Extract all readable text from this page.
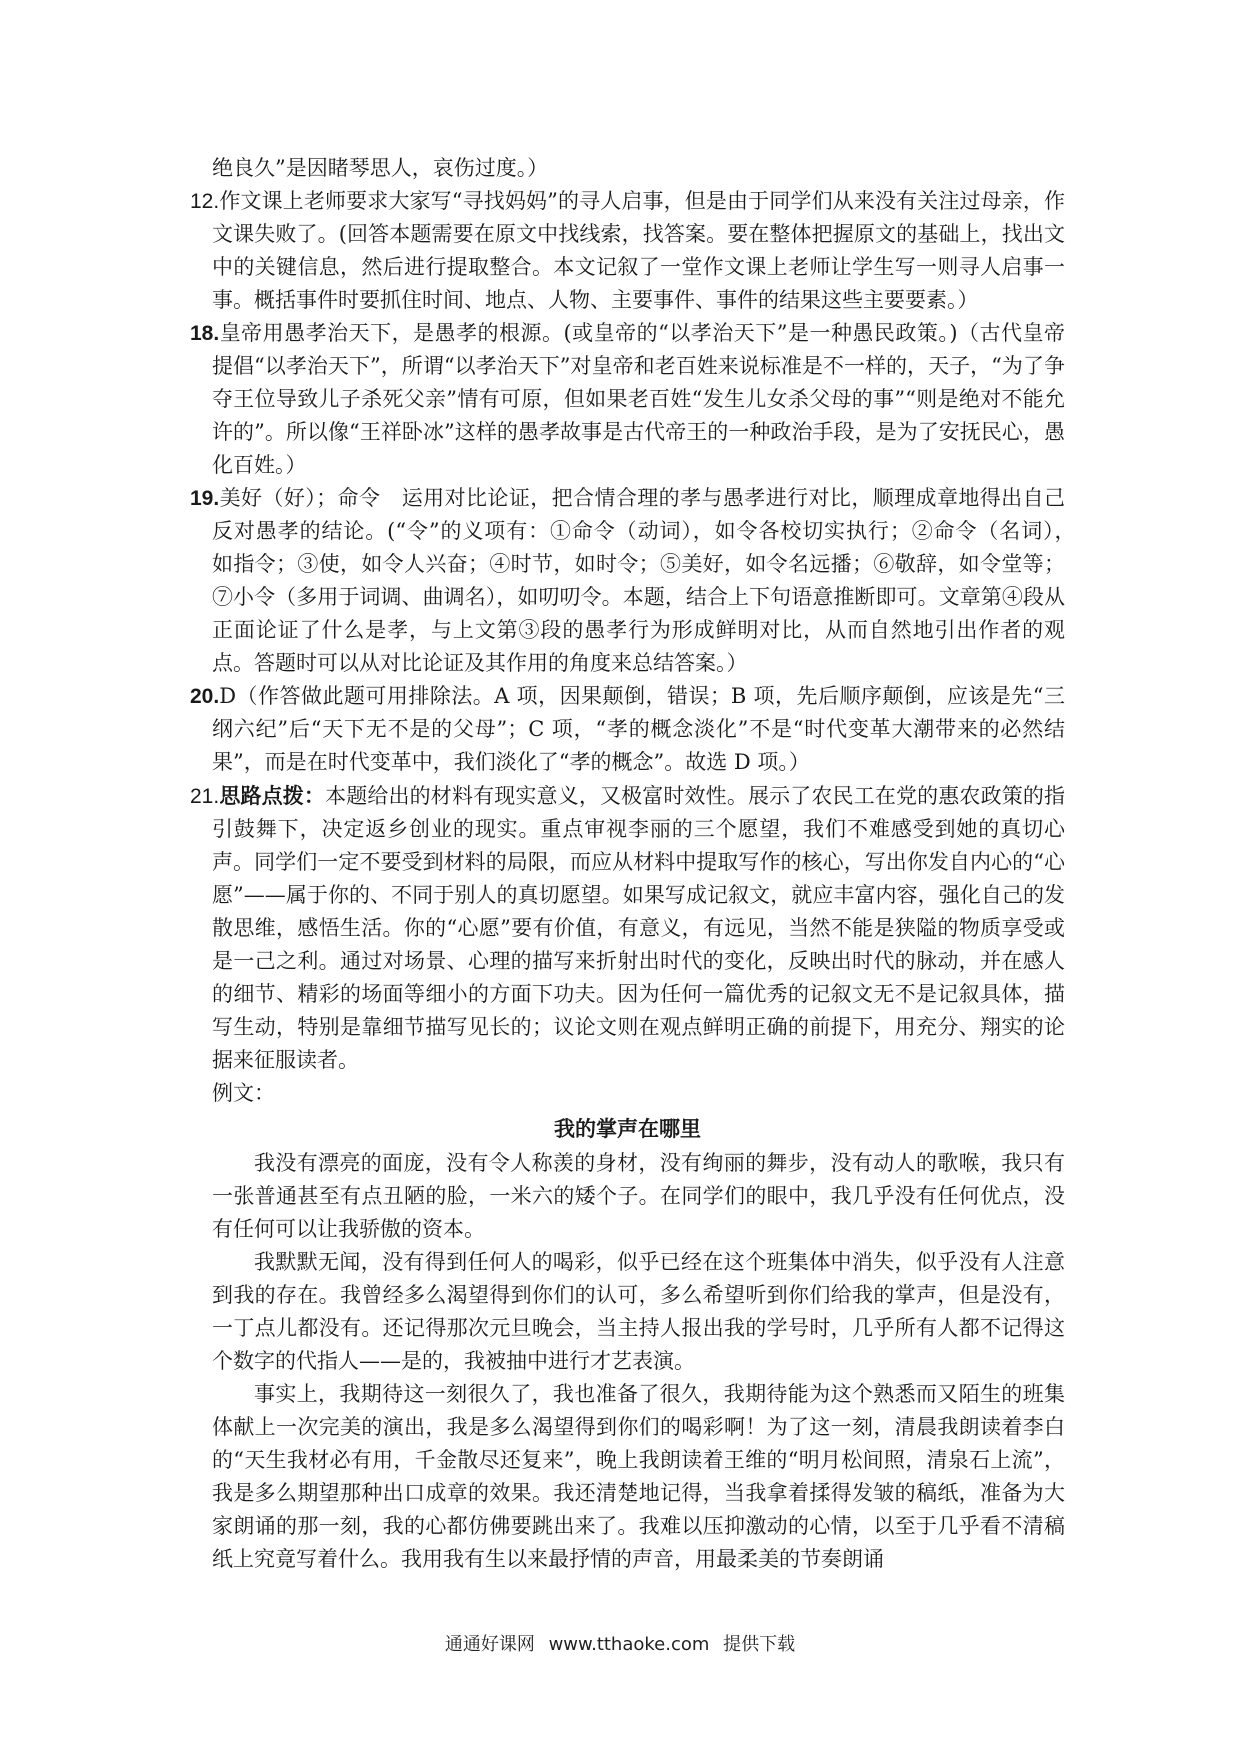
绝良久”是因睹琴思人，哀伤过度。）

12.作文课上老师要求大家写“寻找妈妈”的寻人启事，但是由于同学们从来没有关注过母亲，作文课失败了。(回答本题需要在原文中找线索，找答案。要在整体把握原文的基础上，找出文中的关键信息，然后进行提取整合。本文记叙了一堂作文课上老师让学生写一则寻人启事一事。概括事件时要抓住时间、地点、人物、主要事件、事件的结果这些主要要素。）

18.皇帝用愚孝治天下，是愚孝的根源。(或皇帝的“以孝治天下”是一种愚民政策。)（古代皇帝提倡“以孝治天下”，所谓“以孝治天下”对皇帝和老百姓来说标准是不一样的，天子，“为了争夺王位导致儿子杀死父亲”情有可原，但如果老百姓“发生儿女杀父母的事”“则是绝对不能允许的”。所以像“王祥卧冰”这样的愚孝故事是古代帝王的一种政治手段，是为了安抚民心，愚化百姓。）

19.美好（好）；命令　运用对比论证，把合情合理的孝与愚孝进行对比，顺理成章地得出自己反对愚孝的结论。(“令”的义项有：①命令（动词），如令各校切实执行；②命令（名词），　如指令；③使，如令人兴奋；④时节，如时令；⑤美好，如令名远播；⑥敬辞，如令堂等；⑦小令（多用于词调、曲调名），如叨叨令。本题，结合上下句语意推断即可。文章第④段从正面论证了什么是孝，与上文第③段的愚孝行为形成鲜明对比，从而自然地引出作者的观点。答题时可以从对比论证及其作用的角度来总结答案。）

20.D（作答做此题可用排除法。A 项，因果颠倒，错误；B 项，先后顺序颠倒，应该是先“三纲六纪”后“天下无不是的父母”；C 项，“孝的概念淡化”不是“时代变革大潮带来的必然结果”，而是在时代变革中，我们淡化了“孝的概念”。故选 D 项。）

21.思路点拨：本题给出的材料有现实意义，又极富时效性。展示了农民工在党的惠农政策的指引鼓舞下，决定返乡创业的现实。重点审视李丽的三个愿望，我们不难感受到她的真切心声。同学们一定不要受到材料的局限，而应从材料中提取写作的核心，写出你发自内心的“心愿”——属于你的、不同于别人的真切愿望。如果写成记叙文，就应丰富内容，强化自己的发散思维，感悟生活。你的“心愿”要有价值，有意义，有远见，当然不能是狭隘的物质享受或是一己之利。通过对场景、心理的描写来折射出时代的变化，反映出时代的脉动，并在感人的细节、精彩的场面等细小的方面下功夫。因为任何一篇优秀的记叙文无不是记叙具体，描写生动，特别是靠细节描写见长的；议论文则在观点鲜明正确的前提下，用充分、翔实的论据来征服读者。

例文：

我的掌声在哪里

我没有漂亮的面庞，没有令人称羡的身材，没有绚丽的舞步，没有动人的歌喉，我只有一张普通甚至有点丑陋的脸，一米六的矮个子。在同学们的眼中，我几乎没有任何优点，没有任何可以让我骄傲的资本。

我默默无闻，没有得到任何人的喝彩，似乎已经在这个班集体中消失，似乎没有人注意到我的存在。我曾经多么渴望得到你们的认可，多么希望听到你们给我的掌声，但是没有，一丁点儿都没有。还记得那次元旦晚会，当主持人报出我的学号时，几乎所有人都不记得这个数字的代指人——是的，我被抽中进行才艺表演。

事实上，我期待这一刻很久了，我也准备了很久，我期待能为这个熟悉而又陌生的班集体献上一次完美的演出，我是多么渴望得到你们的喝彩啊！为了这一刻，清晨我朗读着李白的“天生我材必有用，千金散尽还复来”，晚上我朗读着王维的“明月松间照，清泉石上流”，我是多么期望那种出口成章的效果。我还清楚地记得，当我拿着揉得发皱的稿纸，准备为大家朗诵的那一刻，我的心都仿佛要跳出来了。我难以压抑激动的心情，以至于几乎看不清稿纸上究竟写着什么。我用我有生以来最抒情的声音，用最柔美的节奏朗诵

通通好课网 www.tthaoke.com 提供下载
